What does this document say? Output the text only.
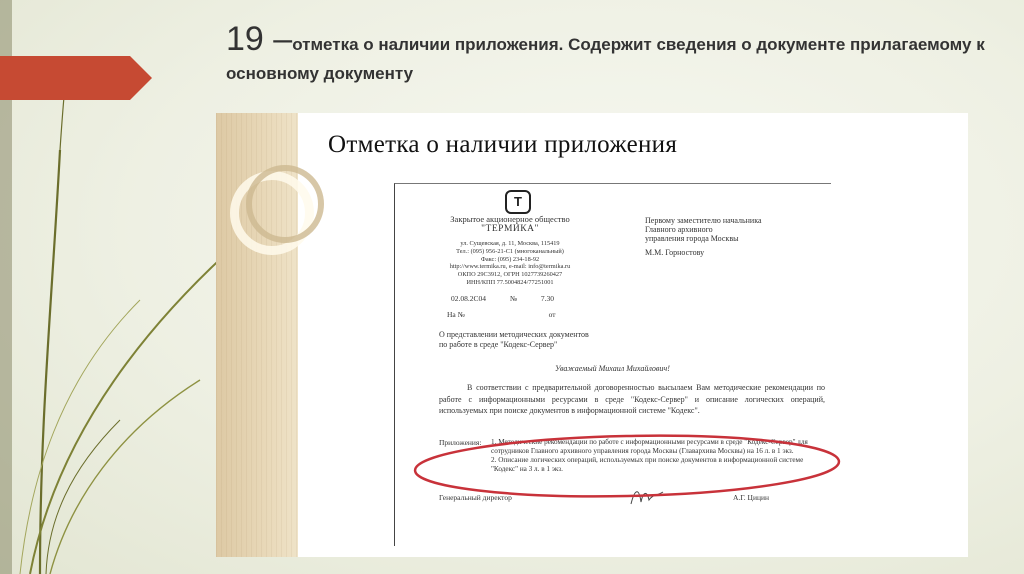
19 –отметка о наличии приложения. Содержит сведения о документе прилагаемому к основному документу
Отметка о наличии приложения
Т
Закрытое акционерное общество
"ТЕРМИКА"
ул. Сущевская, д. 11, Москва, 115419
Тел.: (095) 956-21-C1 (многоканальный)
Факс: (095) 234-18-92
http://www.termika.ru, e-mail: info@termika.ru
ОКПО 29С3912, ОГРН 1027739260427
ИНН/КПП 77.5004824/77251001
02.08.2С04	№	7.30
На №	от
Первому заместителю начальника
Главного архивного
управления города Москвы
М.М. Горностову
О представлении методических документов по работе в среде "Кодекс-Сервер"
Уважаемый Михаил Михайлович!
В соответствии с предварительной договоренностью высылаем Вам методические рекомендации по работе с информационными ресурсами в среде "Кодекс-Сервер" и описание логических операций, используемых при поиске документов в информационной системе "Кодекс".
Приложения: 1. Методические рекомендации по работе с информационными ресурсами в среде "Кодекс-Сервер" для сотрудников Главного архивного управления города Москвы (Главархива Москвы) на 16 л. в 1 экз.
2. Описание логических операций, используемых при поиске документов в информационной системе "Кодекс" на 3 л. в 1 экз.
Генеральный директор	А.Г. Цицин
